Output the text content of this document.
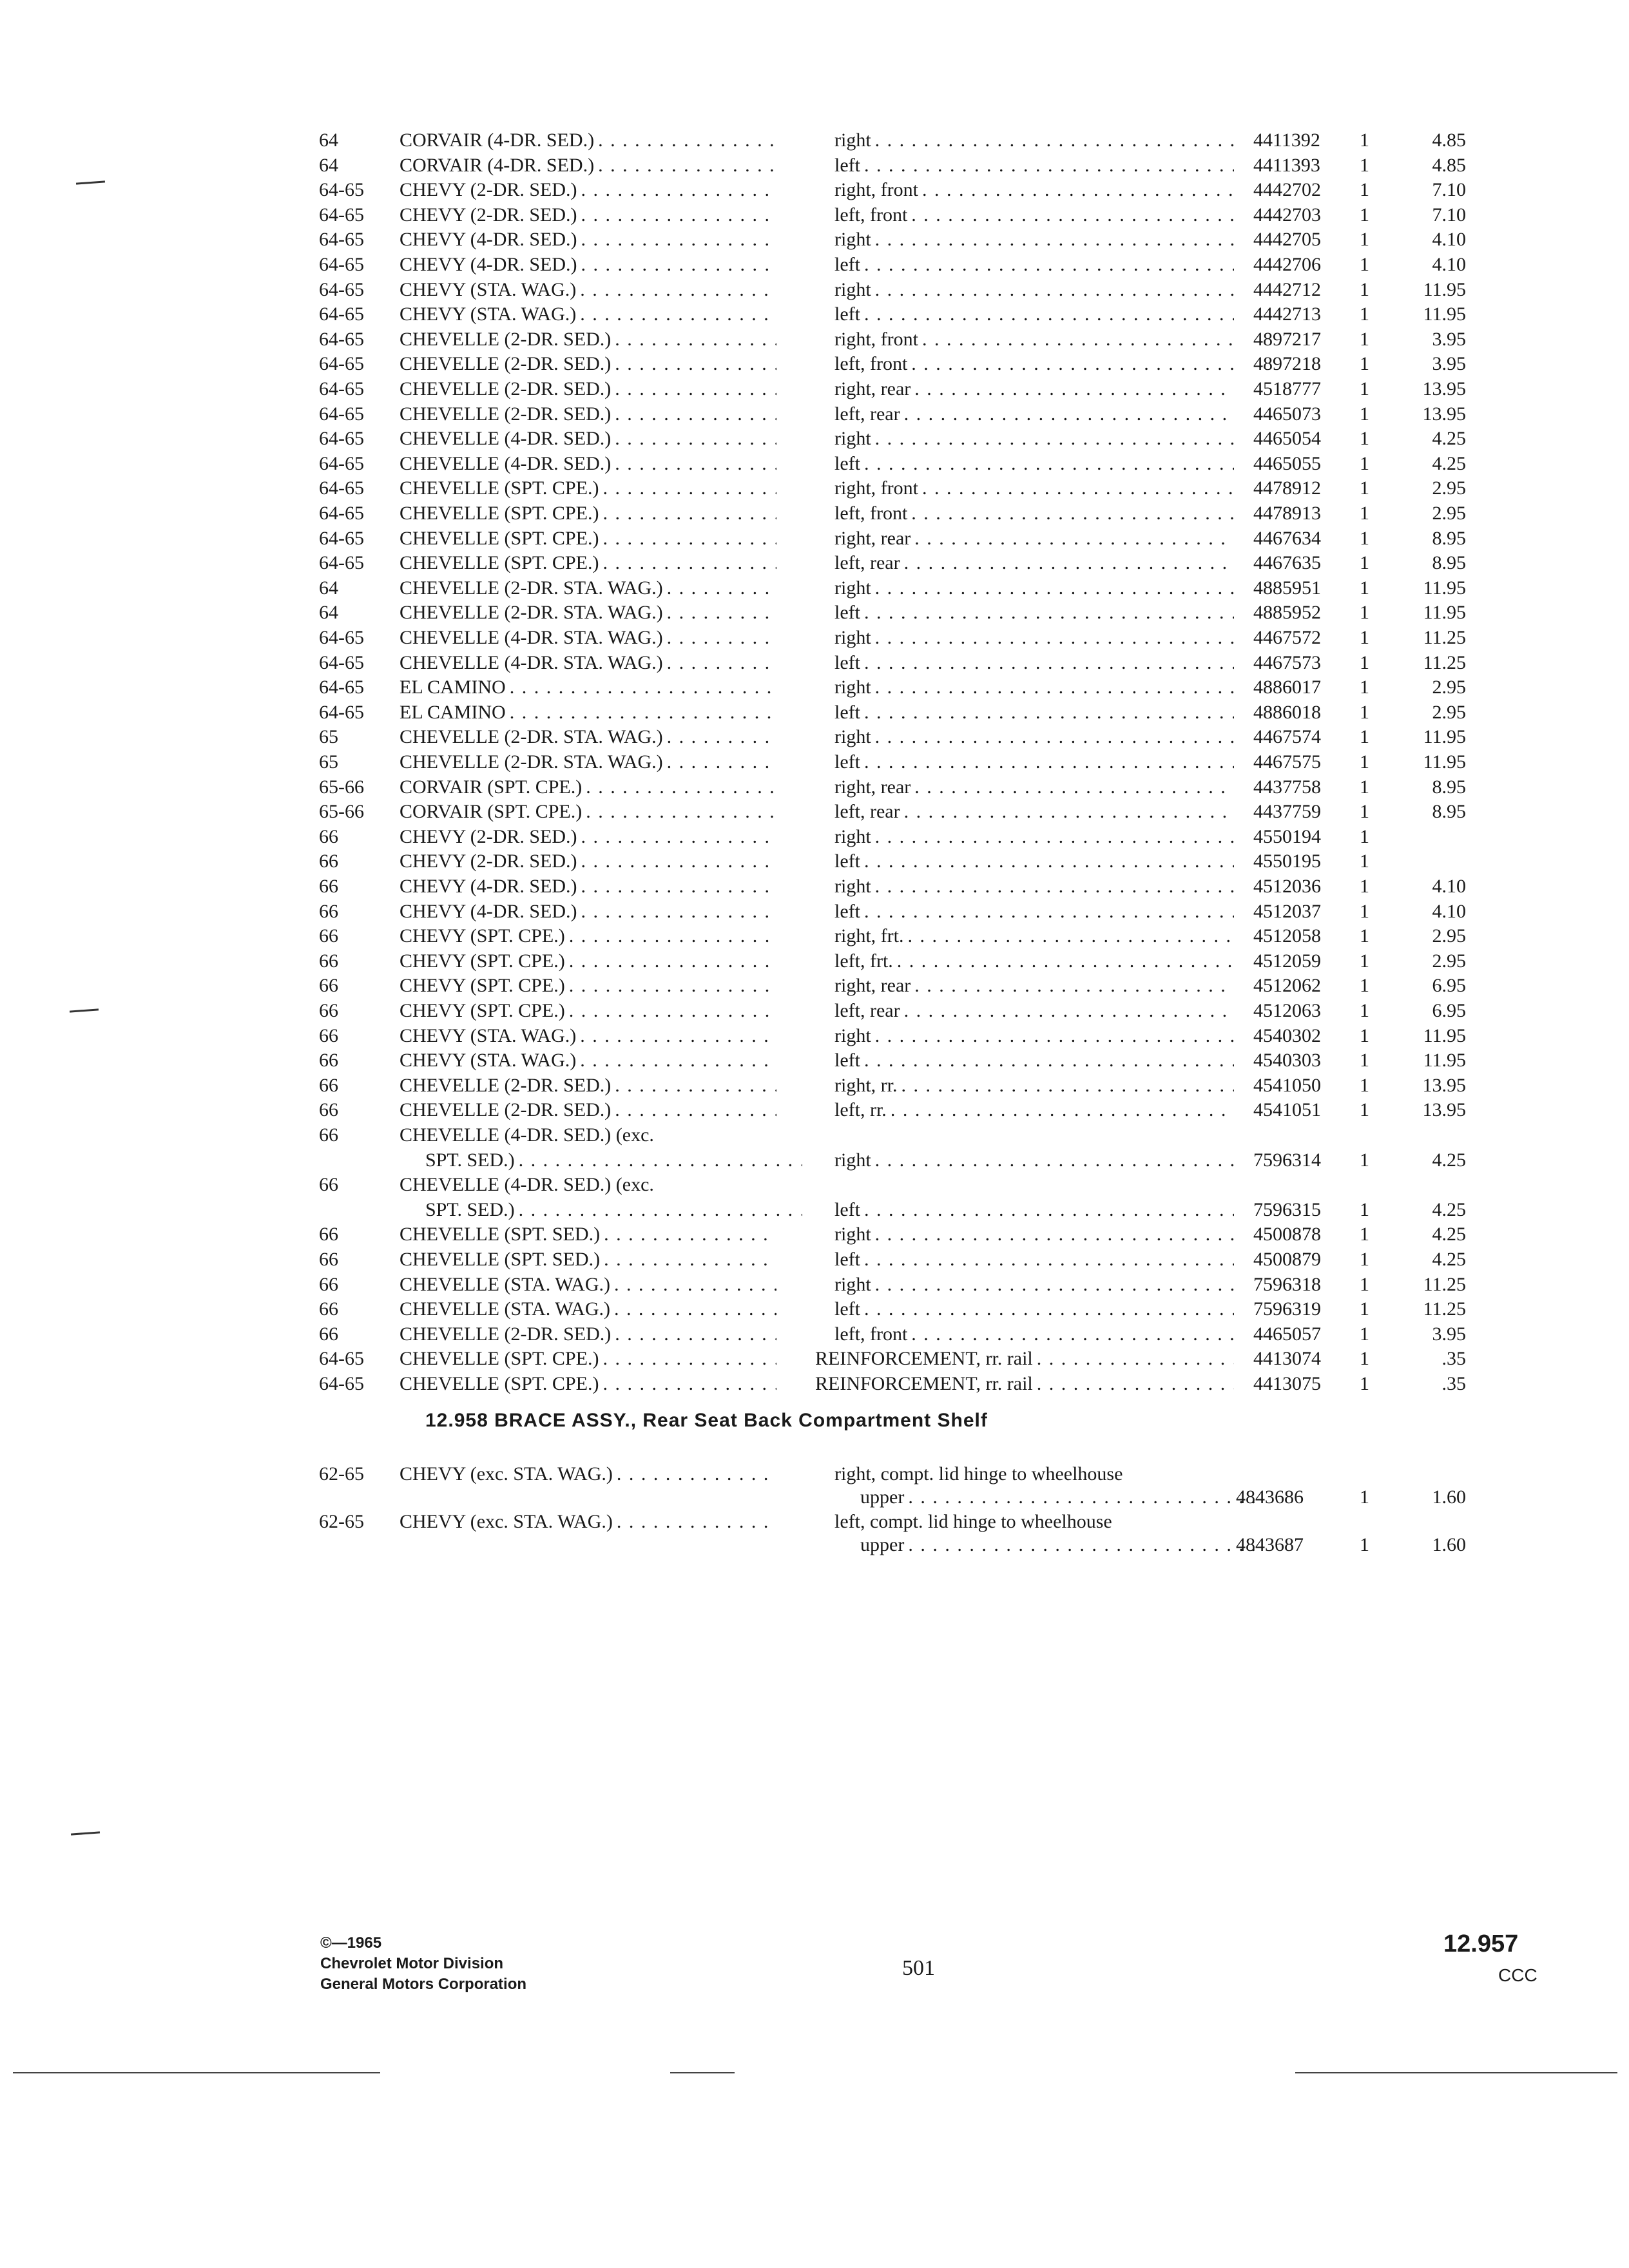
64	CORVAIR (4-DR. SED.) . . .	right . . .	4411392	1	4.85
64	CORVAIR (4-DR. SED.) . . .	left . . .	4411393	1	4.85
64-65	CHEVY (2-DR. SED.) . . .	right, front . . .	4442702	1	7.10
64-65	CHEVY (2-DR. SED.) . . .	left, front . . .	4442703	1	7.10
64-65	CHEVY (4-DR. SED.) . . .	right . . .	4442705	1	4.10
64-65	CHEVY (4-DR. SED.) . . .	left . . .	4442706	1	4.10
64-65	CHEVY (STA. WAG.) . . .	right . . .	4442712	1	11.95
64-65	CHEVY (STA. WAG.) . . .	left . . .	4442713	1	11.95
64-65	CHEVELLE (2-DR. SED.) . . .	right, front . . .	4897217	1	3.95
64-65	CHEVELLE (2-DR. SED.) . . .	left, front . . .	4897218	1	3.95
64-65	CHEVELLE (2-DR. SED.) . . .	right, rear . . .	4518777	1	13.95
64-65	CHEVELLE (2-DR. SED.) . . .	left, rear . . .	4465073	1	13.95
64-65	CHEVELLE (4-DR. SED.) . . .	right . . .	4465054	1	4.25
64-65	CHEVELLE (4-DR. SED.) . . .	left . . .	4465055	1	4.25
64-65	CHEVELLE (SPT. CPE.) . . .	right, front . . .	4478912	1	2.95
64-65	CHEVELLE (SPT. CPE.) . . .	left, front . . .	4478913	1	2.95
64-65	CHEVELLE (SPT. CPE.) . . .	right, rear . . .	4467634	1	8.95
64-65	CHEVELLE (SPT. CPE.) . . .	left, rear . . .	4467635	1	8.95
64	CHEVELLE (2-DR. STA. WAG.) . . .	right . . .	4885951	1	11.95
64	CHEVELLE (2-DR. STA. WAG.) . . .	left . . .	4885952	1	11.95
64-65	CHEVELLE (4-DR. STA. WAG.) . . .	right . . .	4467572	1	11.25
64-65	CHEVELLE (4-DR. STA. WAG.) . . .	left . . .	4467573	1	11.25
64-65	EL CAMINO . . .	right . . .	4886017	1	2.95
64-65	EL CAMINO . . .	left . . .	4886018	1	2.95
65	CHEVELLE (2-DR. STA. WAG.) . . .	right . . .	4467574	1	11.95
65	CHEVELLE (2-DR. STA. WAG.) . . .	left . . .	4467575	1	11.95
65-66	CORVAIR (SPT. CPE.) . . .	right, rear . . .	4437758	1	8.95
65-66	CORVAIR (SPT. CPE.) . . .	left, rear . . .	4437759	1	8.95
66	CHEVY (2-DR. SED.) . . .	right . . .	4550194	1
66	CHEVY (2-DR. SED.) . . .	left . . .	4550195	1
66	CHEVY (4-DR. SED.) . . .	right . . .	4512036	1	4.10
66	CHEVY (4-DR. SED.) . . .	left . . .	4512037	1	4.10
66	CHEVY (SPT. CPE.) . . .	right, frt. . . .	4512058	1	2.95
66	CHEVY (SPT. CPE.) . . .	left, frt. . . .	4512059	1	2.95
66	CHEVY (SPT. CPE.) . . .	right, rear . . .	4512062	1	6.95
66	CHEVY (SPT. CPE.) . . .	left, rear . . .	4512063	1	6.95
66	CHEVY (STA. WAG.) . . .	right . . .	4540302	1	11.95
66	CHEVY (STA. WAG.) . . .	left . . .	4540303	1	11.95
66	CHEVELLE (2-DR. SED.) . . .	right, rr. . . .	4541050	1	13.95
66	CHEVELLE (2-DR. SED.) . . .	left, rr. . . .	4541051	1	13.95
66	CHEVELLE (4-DR. SED.) (exc.
SPT. SED.) . . .	right . . .	7596314	1	4.25
66	CHEVELLE (4-DR. SED.) (exc.
SPT. SED.) . . .	left . . .	7596315	1	4.25
66	CHEVELLE (SPT. SED.) . . .	right . . .	4500878	1	4.25
66	CHEVELLE (SPT. SED.) . . .	left . . .	4500879	1	4.25
66	CHEVELLE (STA. WAG.) . . .	right . . .	7596318	1	11.25
66	CHEVELLE (STA. WAG.) . . .	left . . .	7596319	1	11.25
66	CHEVELLE (2-DR. SED.) . . .	left, front . . .	4465057	1	3.95
64-65	CHEVELLE (SPT. CPE.) . . .	REINFORCEMENT, rr. rail . . .	4413074	1	.35
64-65	CHEVELLE (SPT. CPE.) . . .	REINFORCEMENT, rr. rail . . .	4413075	1	.35
12.958 BRACE ASSY., Rear Seat Back Compartment Shelf
62-65	CHEVY (exc. STA. WAG.) . . .	right, compt. lid hinge to wheelhouse
upper . . .	4843686	1	1.60
62-65	CHEVY (exc. STA. WAG.) . . .	left, compt. lid hinge to wheelhouse
upper . . .	4843687	1	1.60
©—1965
Chevrolet Motor Division
General Motors Corporation
501
12.957
CCC
